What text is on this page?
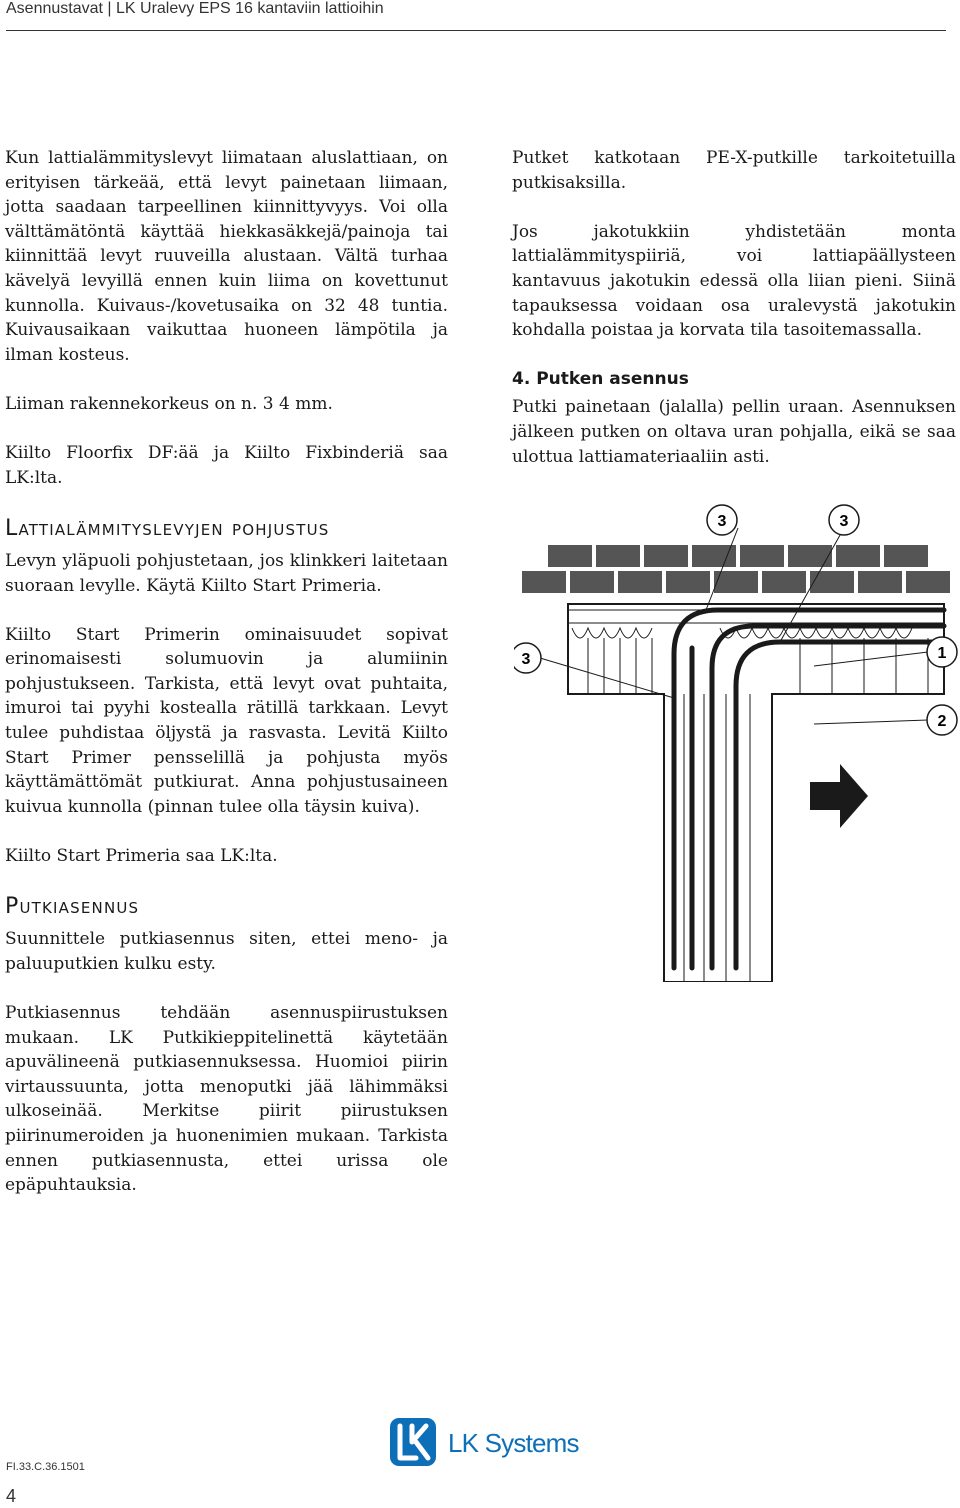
Asennustavat | LK Uralevy EPS 16 kantaviin lattioihin

Kun lattialämmityslevyt liimataan aluslattiaan, on erityisen tärkeää, että levyt painetaan liimaan, jotta saadaan tarpeellinen kiinnittyvyys. Voi olla välttämätöntä käyttää hiekkasäkkejä/painoja tai kiinnittää levyt ruuveilla alustaan. Vältä turhaa kävelyä levyillä ennen kuin liima on kovettunut kunnolla. Kuivaus-/kovetusaika on 32 48 tuntia. Kuivausaikaan vaikuttaa huoneen lämpötila ja ilman kosteus.

Liiman rakennekorkeus on n. 3 4 mm.

Kiilto Floorfix DF:ää ja Kiilto Fixbinderiä saa LK:lta.

Lattialämmityslevyjen pohjustus

Levyn yläpuoli pohjustetaan, jos klinkkeri laitetaan suoraan levylle. Käytä Kiilto Start Primeria.

Kiilto Start Primerin ominaisuudet sopivat erinomaisesti solumuovin ja alumiinin pohjustukseen. Tarkista, että levyt ovat puhtaita, imuroi tai pyyhi kostealla rätillä tarkkaan. Levyt tulee puhdistaa öljystä ja rasvasta. Levitä Kiilto Start Primer pensselillä ja pohjusta myös käyttämättömät putkiurat. Anna pohjustusaineen kuivua kunnolla (pinnan tulee olla täysin kuiva).

Kiilto Start Primeria saa LK:lta.

Putkiasennus

Suunnittele putkiasennus siten, ettei meno- ja paluuputkien kulku esty.

Putkiasennus tehdään asennuspiirustuksen mukaan. LK Putkikieppitelinettä käytetään apuvälineenä putkiasennuksessa. Huomioi piirin virtaussuunta, jotta menoputki jää lähimmäksi ulkoseinää. Merkitse piirit piirustuksen piirinumeroiden ja huonenimien mukaan. Tarkista ennen putkiasennusta, ettei urissa ole epäpuhtauksia.

Putket katkotaan PE-X-putkille tarkoitetuilla putkisaksilla.

Jos jakotukkiin yhdistetään monta lattialämmityspiiriä, voi lattiapäällysteen kantavuus jakotukin edessä olla liian pieni. Siinä tapauksessa voidaan osa uralevystä jakotukin kohdalla poistaa ja korvata tila tasoitemassalla.

4. Putken asennus

Putki painetaan (jalalla) pellin uraan. Asennuksen jälkeen putken on oltava uran pohjalla, eikä se saa ulottua lattiamateriaaliin asti.

3	3
3	1
2
LK Systems
FI.33.C.36.1501
4
